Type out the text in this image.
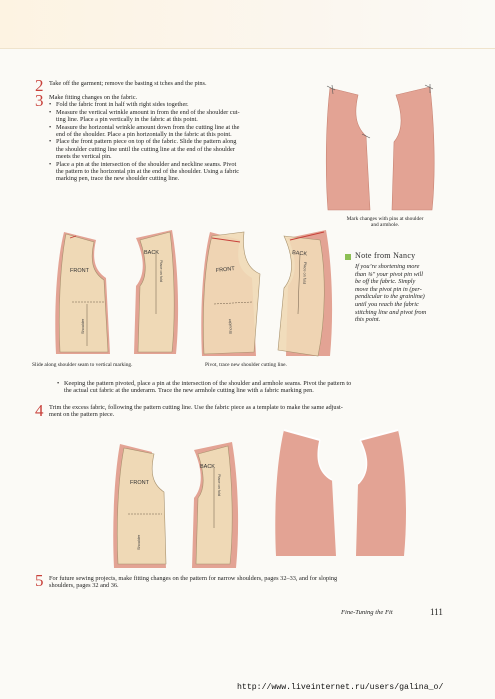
2 Take off the garment; remove the basting st tches and the pins.
3 Make fitting changes on the fabric.
• Fold the fabric front in half with right sides together.
• Measure the vertical wrinkle amount in from the end of the shoulder cut-
ting line. Place a pin vertically in the fabric at this point.
• Measure the horizontal wrinkle amount down from the cutting line at the
end of the shoulder. Place a pin horizontally in the fabric at this point.
• Place the front pattern piece on top of the fabric. Slide the pattern along
the shoulder cutting line until the cutting line at the end of the shoulder
meets the vertical pin.
• Place a pin at the intersection of the shoulder and neckline seams. Pivot
the pattern to the horizontal pin at the end of the shoulder. Using a fabric
marking pen, trace the new shoulder cutting line.
Mark changes with pins at shoulder
and armhole.
FRONT
BACK
Place on fold
Shoulder
Slide along shoulder seam to vertical marking.
FRONT
BACK
Place on fold
Shoulder
Pivot, trace new shoulder cutting line.
Note from Nancy
If you’re shortening more
than ⅜" your pivot pin will
be off the fabric. Simply
move the pivot pin in (per-
pendicular to the grainline)
until you reach the fabric
stitching line and pivot from
this point.
• Keeping the pattern pivoted, place a pin at the intersection of the shoulder and armhole seams. Pivot the pattern to
the actual cut fabric at the underarm. Trace the new armhole cutting line with a fabric marking pen.
4 Trim the excess fabric, following the pattern cutting line. Use the fabric piece as a template to make the same adjust-
ment on the pattern piece.
FRONT
BACK
Place on fold
Shoulder
5 For future sewing projects, make fitting changes on the pattern for narrow shoulders, pages 32–33, and for sloping
shoulders, pages 32 and 36.
Fine-Tuning the Fit	111
http://www.liveinternet.ru/users/galina_o/
